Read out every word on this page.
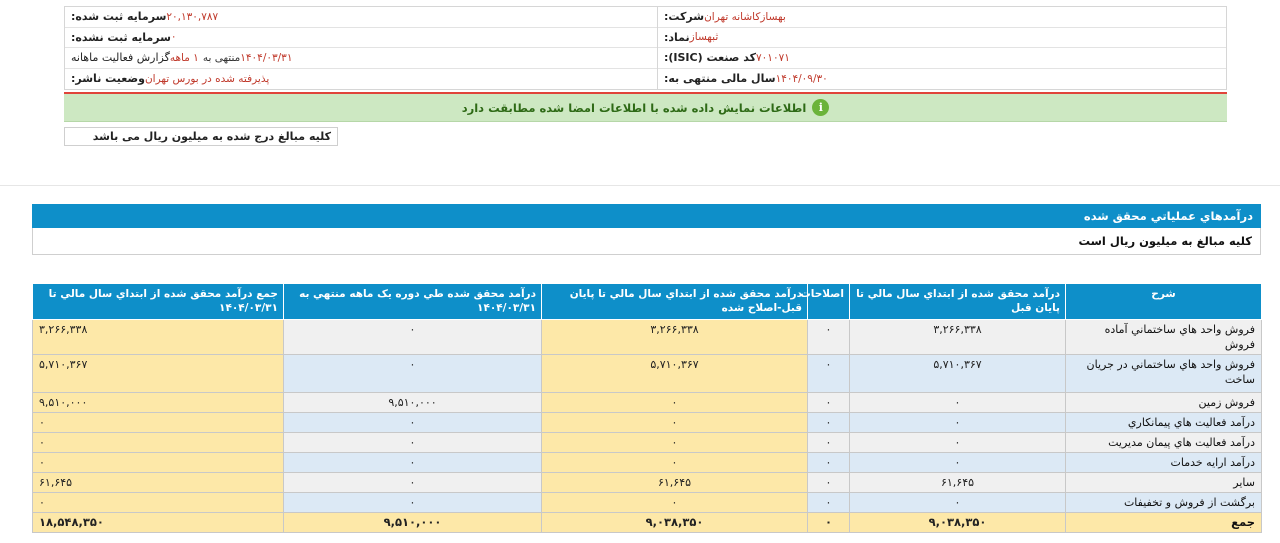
شرکت: بهسازکاشانه تهران
نماد: ثبهساز
کد صنعت (ISIC): ۷۰۱۰۷۱
سال مالی منتهی به: ۱۴۰۴/۰۹/۳۰
سرمایه ثبت شده: ۲۰,۱۳۰,۷۸۷
سرمایه ثبت نشده: ۰
گزارش فعالیت ماهانه ۱ ماهه منتهی به ۱۴۰۴/۰۳/۳۱
وضعیت ناشر: پذیرفته شده در بورس تهران
i
اطلاعات نمایش داده شده با اطلاعات امضا شده مطابقت دارد
کلیه مبالغ درج شده به میلیون ریال می باشد
درآمدهاي عملياتي محقق شده
کليه مبالغ به ميليون ريال است
شرح	درآمد محقق شده از ابتداي سال مالي تا پايان قبل	اصلاحات	درآمد محقق شده از ابتداي سال مالي تا پايان قبل-اصلاح شده	درآمد محقق شده طي دوره يک ماهه منتهي به ۱۴۰۴/۰۳/۳۱	جمع درآمد محقق شده از ابتداي سال مالي تا ۱۴۰۴/۰۳/۳۱
فروش واحد هاي ساختماني آماده فروش	۳,۲۶۶,۳۳۸	۰	۳,۲۶۶,۳۳۸	۰	۳,۲۶۶,۳۳۸
فروش واحد هاي ساختماني در جريان ساخت	۵,۷۱۰,۳۶۷	۰	۵,۷۱۰,۳۶۷	۰	۵,۷۱۰,۳۶۷
فروش زمين	۰	۰	۰	۹,۵۱۰,۰۰۰	۹,۵۱۰,۰۰۰
درآمد فعاليت هاي پيمانکاري	۰	۰	۰	۰	۰
درآمد فعاليت هاي پيمان مديريت	۰	۰	۰	۰	۰
درآمد ارايه خدمات	۰	۰	۰	۰	۰
ساير	۶۱,۶۴۵	۰	۶۱,۶۴۵	۰	۶۱,۶۴۵
برگشت از فروش و تخفيفات	۰	۰	۰	۰	۰
جمع	۹,۰۳۸,۳۵۰	۰	۹,۰۳۸,۳۵۰	۹,۵۱۰,۰۰۰	۱۸,۵۴۸,۳۵۰
